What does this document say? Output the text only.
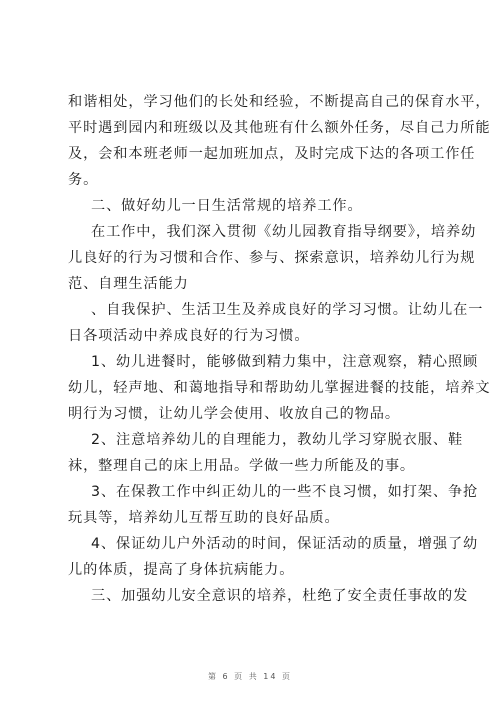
和谐相处，学习他们的长处和经验，不断提高自己的保育水平，
平时遇到园内和班级以及其他班有什么额外任务，尽自己力所能
及，会和本班老师一起加班加点，及时完成下达的各项工作任
务。
二、做好幼儿一日生活常规的培养工作。
在工作中，我们深入贯彻《幼儿园教育指导纲要》，培养幼
儿良好的行为习惯和合作、参与、探索意识，培养幼儿行为规
范、自理生活能力
、自我保护、生活卫生及养成良好的学习习惯。让幼儿在一
日各项活动中养成良好的行为习惯。
1、幼儿进餐时，能够做到精力集中，注意观察，精心照顾
幼儿，轻声地、和蔼地指导和帮助幼儿掌握进餐的技能，培养文
明行为习惯，让幼儿学会使用、收放自己的物品。
2、注意培养幼儿的自理能力，教幼儿学习穿脱衣服、鞋
袜，整理自己的床上用品。学做一些力所能及的事。
3、在保教工作中纠正幼儿的一些不良习惯，如打架、争抢
玩具等，培养幼儿互帮互助的良好品质。
4、保证幼儿户外活动的时间，保证活动的质量，增强了幼
儿的体质，提高了身体抗病能力。
三、加强幼儿安全意识的培养，杜绝了安全责任事故的发
第 6 页 共 14 页
